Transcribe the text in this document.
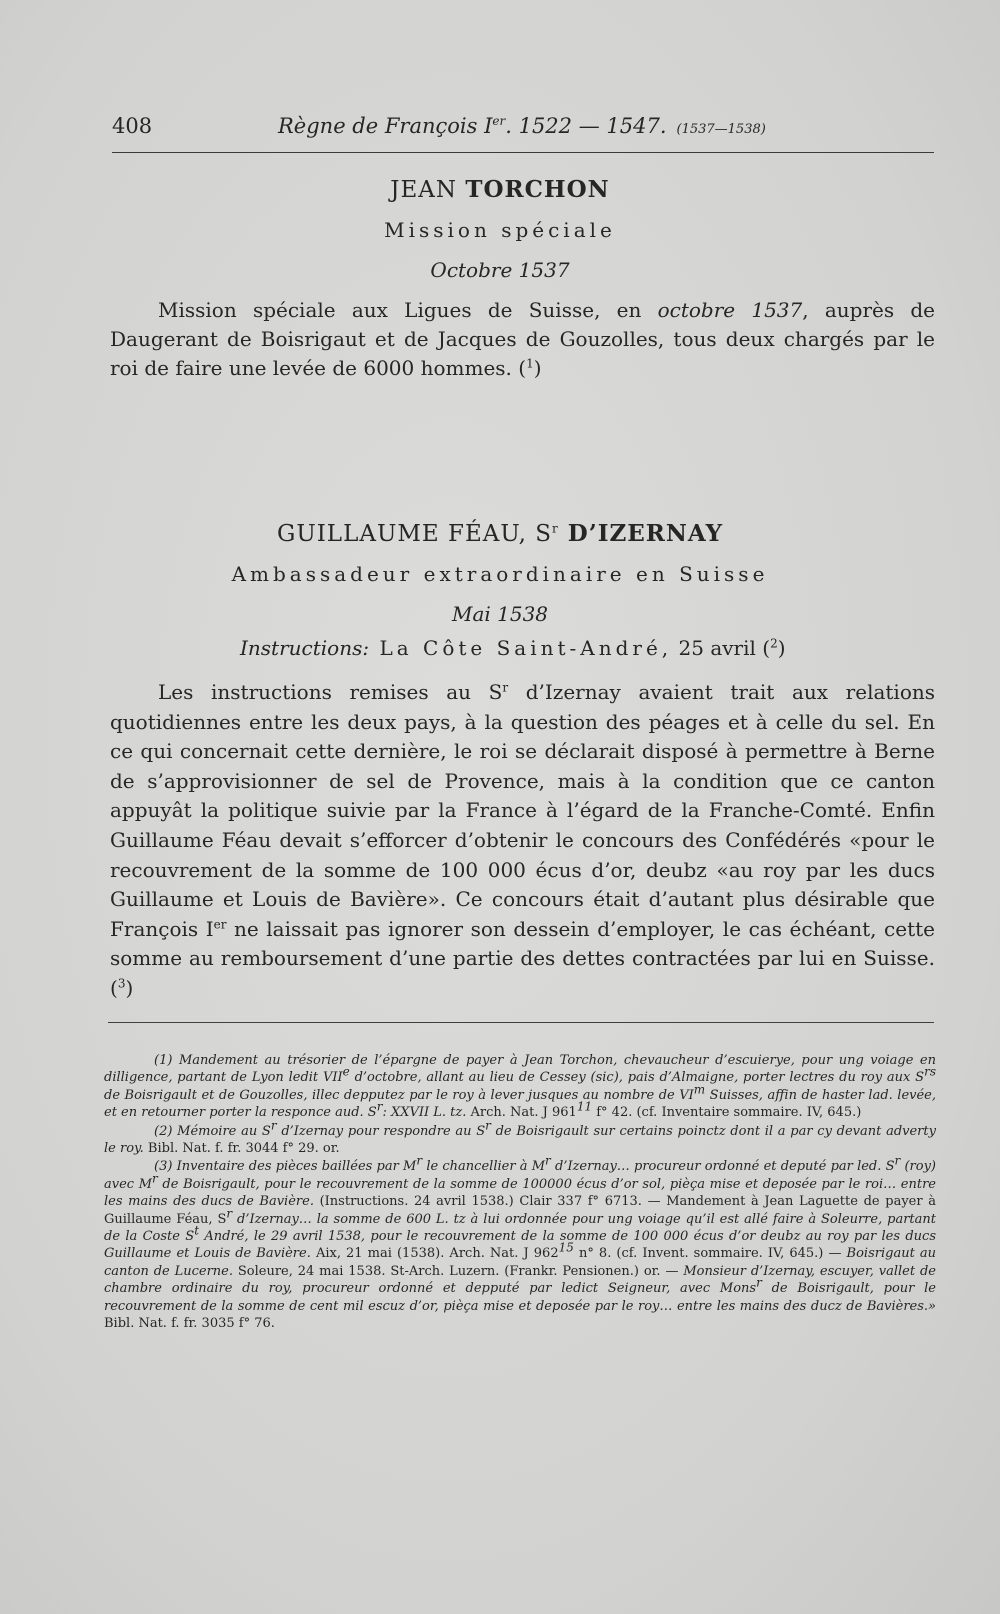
408	Règne de François Ier. 1522 — 1547. (1537—1538)
JEAN TORCHON
Mission spéciale
Octobre 1537
Mission spéciale aux Ligues de Suisse, en octobre 1537, auprès de Daugerant de Boisrigaut et de Jacques de Gouzolles, tous deux chargés par le roi de faire une levée de 6000 hommes. ($^1$)
GUILLAUME FÉAU, $S^r$ D’IZERNAY
Ambassadeur extraordinaire en Suisse
Mai 1538
Instructions: La Côte Saint-André, 25 avril ($^2$)
Les instructions remises au $S^r$ d’Izernay avaient trait aux relations quotidiennes entre les deux pays, à la question des péages et à celle du sel. En ce qui concernait cette dernière, le roi se déclarait disposé à permettre à Berne de s’approvisionner de sel de Provence, mais à la condition que ce canton appuyât la politique suivie par la France à l’égard de la Franche-Comté. Enfin Guillaume Féau devait s’efforcer d’obtenir le concours des Confédérés «pour le recouvrement de la somme de 100 000 écus d’or, deubz «au roy par les ducs Guillaume et Louis de Bavière». Ce concours était d’autant plus désirable que François Ier ne laissait pas ignorer son dessein d’employer, le cas échéant, cette somme au remboursement d’une partie des dettes contractées par lui en Suisse. ($^3$)

(1) Mandement au trésorier de l’épargne de payer à Jean Torchon, chevaucheur d’escuierye, pour ung voiage en dilligence, partant de Lyon ledit VIIe d’octobre, allant au lieu de Cessey (sic), pais d’Almaigne, porter lectres du roy aux $S^{rs}$ de Boisrigault et de Gouzolles, illec depputez par le roy à lever jusques au nombre de $VI^m$ Suisses, affin de haster lad. levée, et en retourner porter la responce aud. $S^r$: XXVII L. tz. Arch. Nat. J $961^{11}$ f° 42. (cf. Inventaire sommaire. IV, 645.)

(2) Mémoire au $S^r$ d’Izernay pour respondre au $S^r$ de Boisrigault sur certains poinctz dont il a par cy devant adverty le roy. Bibl. Nat. f. fr. 3044 f° 29. or.

(3) Inventaire des pièces baillées par $M^r$ le chancellier à $M^r$ d’Izernay… procureur ordonné et deputé par led. $S^r$ (roy) avec $M^r$ de Boisrigault, pour le recouvrement de la somme de 100000 écus d’or sol, pièça mise et deposée par le roi… entre les mains des ducs de Bavière. (Instructions. 24 avril 1538.) Clair 337 f° 6713. — Mandement à Jean Laguette de payer à Guillaume Féau, $S^r$ d’Izernay… la somme de 600 L. tz à lui ordonnée pour ung voiage qu’il est allé faire à Soleurre, partant de la Coste $S^t$ André, le 29 avril 1538, pour le recouvrement de la somme de 100 000 écus d’or deubz au roy par les ducs Guillaume et Louis de Bavière. Aix, 21 mai (1538). Arch. Nat. J $962^{15}$ n° 8. (cf. Invent. sommaire. IV, 645.) — Boisrigaut au canton de Lucerne. Soleure, 24 mai 1538. St-Arch. Luzern. (Frankr. Pensionen.) or. — Monsieur d’Izernay, escuyer, vallet de chambre ordinaire du roy, procureur ordonné et depputé par ledict Seigneur, avec Mons$^r$ de Boisrigault, pour le recouvrement de la somme de cent mil escuz d’or, pièça mise et deposée par le roy… entre les mains des ducz de Bavières.» Bibl. Nat. f. fr. 3035 f° 76.
